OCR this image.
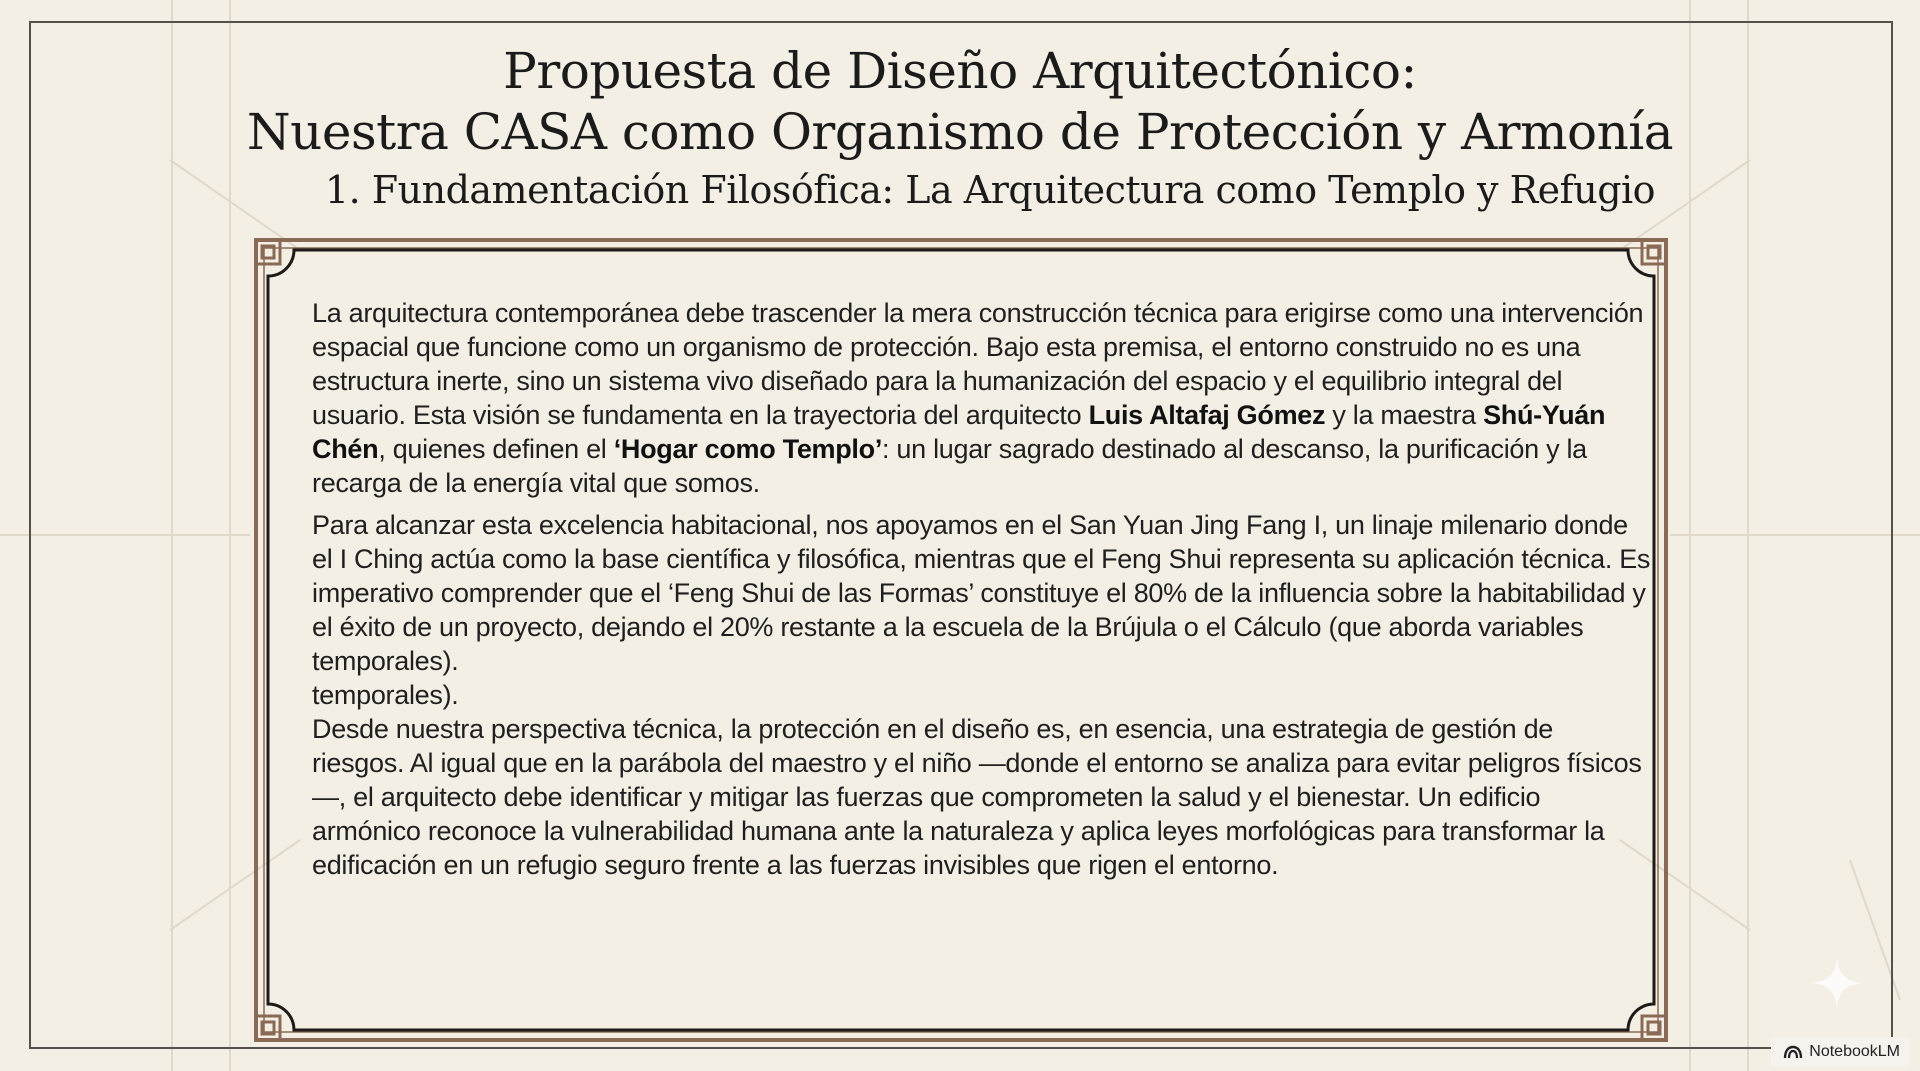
Propuesta de Diseño Arquitectónico:
Nuestra CASA como Organismo de Protección y Armonía
1. Fundamentación Filosófica: La Arquitectura como Templo y Refugio

La arquitectura contemporánea debe trascender la mera construcción técnica para erigirse como una intervención espacial que funcione como un organismo de protección. Bajo esta premisa, el entorno construido no es una estructura inerte, sino un sistema vivo diseñado para la humanización del espacio y el equilibrio integral del usuario. Esta visión se fundamenta en la trayectoria del arquitecto Luis Altafaj Gómez y la maestra Shú-Yuán Chén, quienes definen el ‘Hogar como Templo’: un lugar sagrado destinado al descanso, la purificación y la recarga de la energía vital que somos.

Para alcanzar esta excelencia habitacional, nos apoyamos en el San Yuan Jing Fang I, un linaje milenario donde el I Ching actúa como la base científica y filosófica, mientras que el Feng Shui representa su aplicación técnica. Es imperativo comprender que el ‘Feng Shui de las Formas’ constituye el 80% de la influencia sobre la habitabilidad y el éxito de un proyecto, dejando el 20% restante a la escuela de la Brújula o el Cálculo (que aborda variables temporales).
temporales).

Desde nuestra perspectiva técnica, la protección en el diseño es, en esencia, una estrategia de gestión de riesgos. Al igual que en la parábola del maestro y el niño —donde el entorno se analiza para evitar peligros físicos—, el arquitecto debe identificar y mitigar las fuerzas que comprometen la salud y el bienestar. Un edificio armónico reconoce la vulnerabilidad humana ante la naturaleza y aplica leyes morfológicas para transformar la edificación en un refugio seguro frente a las fuerzas invisibles que rigen el entorno.

NotebookLM
